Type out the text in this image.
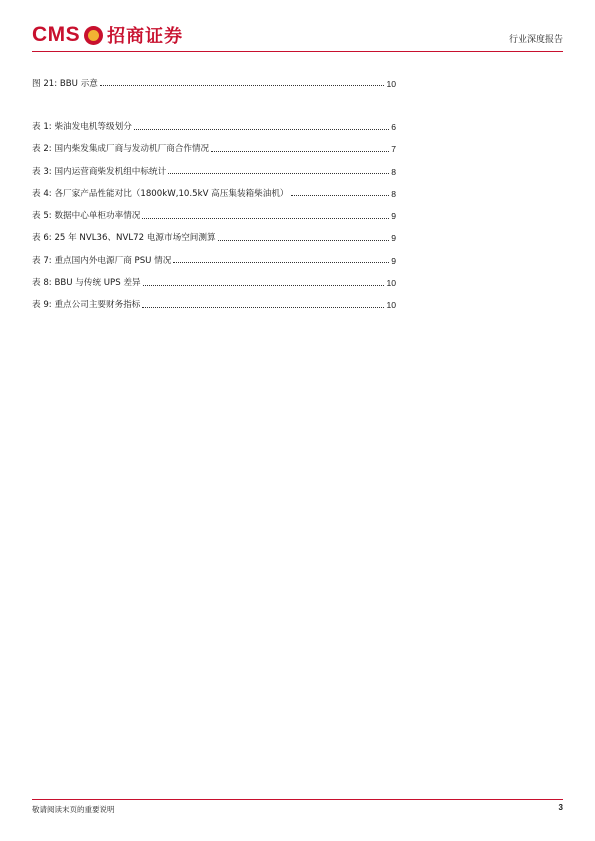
CMS 招商证券	行业深度报告
图 21: BBU 示意	10
表 1: 柴油发电机等级划分	6
表 2: 国内柴发集成厂商与发动机厂商合作情况	7
表 3: 国内运营商柴发机组中标统计	8
表 4: 各厂家产品性能对比（1800kW,10.5kV 高压集装箱柴油机）	8
表 5: 数据中心单柜功率情况	9
表 6: 25 年 NVL36、NVL72 电源市场空间测算	9
表 7: 重点国内外电源厂商 PSU 情况	9
表 8: BBU 与传统 UPS 差异	10
表 9: 重点公司主要财务指标	10
敬请阅读末页的重要说明	3
